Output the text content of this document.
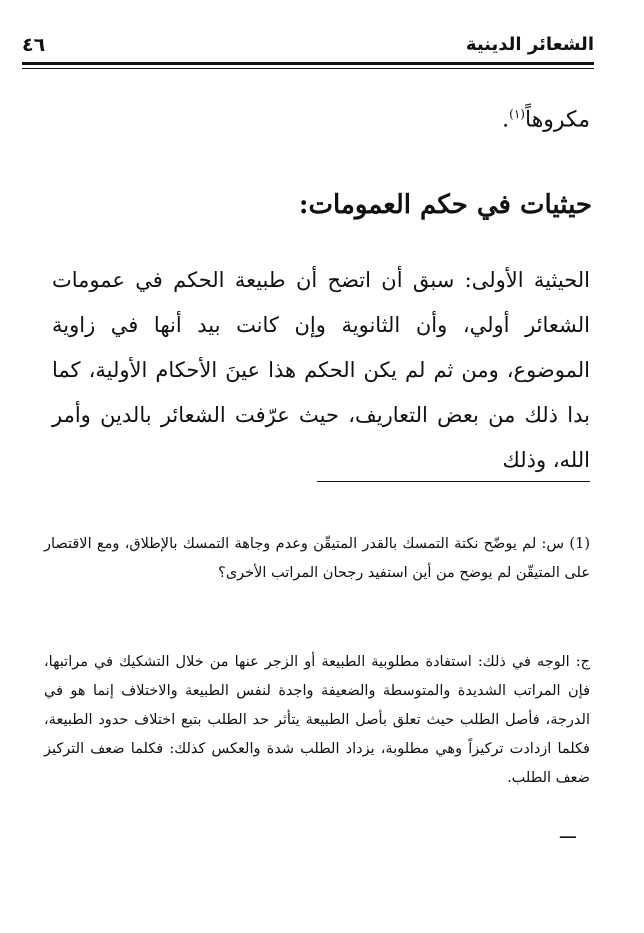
الشعائر الدينية
٤٦
مكروهاً$^{(١)}$.
حيثيات في حكم العمومات:
الحيثية الأولى: سبق أن اتضح أن طبيعة الحكم في عمومات الشعائر أولي، وأن الثانوية وإن كانت بيد أنها في زاوية الموضوع، ومن ثم لم يكن الحكم هذا عينَ الأحكام الأولية، كما بدا ذلك من بعض التعاريف، حيث عرّفت الشعائر بالدين وأمر الله، وذلك
(1) س: لم يوضّح نكتة التمسك بالقدر المتيقّن وعدم وجاهة التمسك بالإطلاق، ومع الاقتصار على المتيقّن لم يوضح من أين استفيد رجحان المراتب الأخرى؟
ج: الوجه في ذلك: استفادة مطلوبية الطبيعة أو الزجر عنها من خلال التشكيك في مراتبها، فإن المراتب الشديدة والمتوسطة والضعيفة واجدة لنفس الطبيعة والاختلاف إنما هو في الدرجة، فأصل الطلب حيث تعلق بأصل الطبيعة يتأثر حد الطلب بتبع اختلاف حدود الطبيعة، فكلما ازدادت تركيزاً وهي مطلوبة، يزداد الطلب شدة والعكس كذلك: فكلما ضعف التركيز ضعف الطلب.
ـــ
